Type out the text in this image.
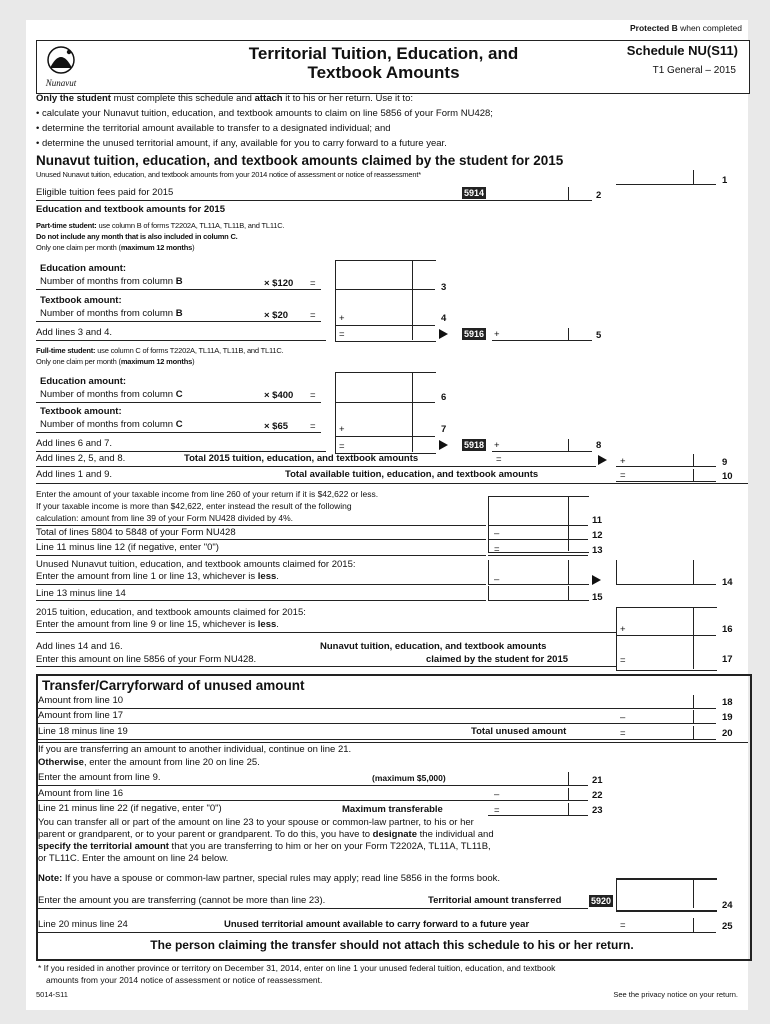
Protected B when completed
Nunavut
Territorial Tuition, Education, and
Textbook Amounts
Schedule NU(S11)
T1 General – 2015
Only the student must complete this schedule and attach it to his or her return. Use it to:
• calculate your Nunavut tuition, education, and textbook amounts to claim on line 5856 of your Form NU428;
• determine the territorial amount available to transfer to a designated individual; and
• determine the unused territorial amount, if any, available for you to carry forward to a future year.
Nunavut tuition, education, and textbook amounts claimed by the student for 2015
Unused Nunavut tuition, education, and textbook amounts from your 2014 notice of assessment or notice of reassessment*
1
Eligible tuition fees paid for 2015	5914	2
Education and textbook amounts for 2015
Part-time student: use column B of forms T2202A, TL11A, TL11B, and TL11C.
Do not include any month that is also included in column C.
Only one claim per month (maximum 12 months)
Education amount:
Number of months from column B	× $120 =	3
Textbook amount:
Number of months from column B	× $20 = +	4
Add lines 3 and 4.	=	5916 +	5
Full-time student: use column C of forms T2202A, TL11A, TL11B, and TL11C.
Only one claim per month (maximum 12 months)
Education amount:
Number of months from column C	× $400 =	6
Textbook amount:
Number of months from column C	× $65 = +	7
Add lines 6 and 7.	=	5918 +	8
Add lines 2, 5, and 8.	Total 2015 tuition, education, and textbook amounts	=	+	9
Add lines 1 and 9.	Total available tuition, education, and textbook amounts	=	10
Enter the amount of your taxable income from line 260 of your return if it is $42,622 or less.
If your taxable income is more than $42,622, enter instead the result of the following
calculation: amount from line 39 of your Form NU428 divided by 4%.	11
Total of lines 5804 to 5848 of your Form NU428	–	12
Line 11 minus line 12 (if negative, enter "0")	=	13
Unused Nunavut tuition, education, and textbook amounts claimed for 2015:
Enter the amount from line 1 or line 13, whichever is less.	–	14
Line 13 minus line 14	15
2015 tuition, education, and textbook amounts claimed for 2015:
Enter the amount from line 9 or line 15, whichever is less.	+	16
Add lines 14 and 16.
Enter this amount on line 5856 of your Form NU428.
Nunavut tuition, education, and textbook amounts
claimed by the student for 2015	=	17
Transfer/Carryforward of unused amount
Amount from line 10	18
Amount from line 17	–	19
Line 18 minus line 19	Total unused amount	=	20
If you are transferring an amount to another individual, continue on line 21.
Otherwise, enter the amount from line 20 on line 25.
Enter the amount from line 9.	(maximum $5,000)	21
Amount from line 16	–	22
Line 21 minus line 22 (if negative, enter "0")	Maximum transferable	=	23
You can transfer all or part of the amount on line 23 to your spouse or common-law partner, to his or her
parent or grandparent, or to your parent or grandparent. To do this, you have to designate the individual and
specify the territorial amount that you are transferring to him or her on your Form T2202A, TL11A, TL11B,
or TL11C. Enter the amount on line 24 below.
Note: If you have a spouse or common-law partner, special rules may apply; read line 5856 in the forms book.
Enter the amount you are transferring (cannot be more than line 23).	Territorial amount transferred	5920	24
Line 20 minus line 24	Unused territorial amount available to carry forward to a future year	=	25
The person claiming the transfer should not attach this schedule to his or her return.
* If you resided in another province or territory on December 31, 2014, enter on line 1 your unused federal tuition, education, and textbook
amounts from your 2014 notice of assessment or notice of reassessment.
5014-S11	See the privacy notice on your return.
